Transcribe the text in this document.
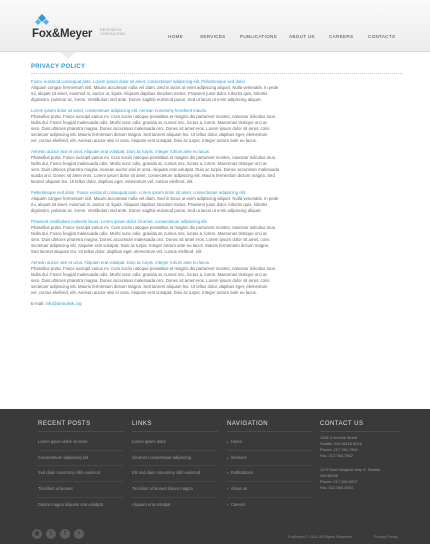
Fox&Meyer RESEARCH CONSULTING	HOME	SERVICES	PUBLICATIONS	ABOUT US	CAREERS	CONTACTS
PRIVACY POLICY
Fusce euismod consequat ante. Lorem ipsum dolor sit amet, consectetuer adipiscing elit. Pellentesque sed dolor.
Aliquam congue fermentum nisl. Mauris accumsan nulla vel diam. Sed in lacus ut enim adipiscing aliquet. Nulla venenatis. In pede
mi, aliquet sit amet, euismod in, auctor ut, ligula. Aliquam dapibus tincidunt metus. Praesent justo dolor, lobortis quis, lobortis
dignissim, pulvinar ac, lorem. Vestibulum sed ante. Donec sagittis euismod purus. Sed ut lacus ut enim adipiscing aliquet.
Lorem ipsum dolor sit amet, consectetuer adipiscing elit. Aenean nonummy hendrerit mauris.
Phasellus porta. Fusce suscipit varius mi. Cum sociis natoque penatibus et magnis dis parturient montes, nascetur ridiculus mus.
Nulla dui. Fusce feugiat malesuada odio. Morbi nunc odio, gravida at, cursus nec, luctus a, lorem. Maecenas tristique orci ac
sem. Duis ultricies pharetra magna. Donec accumsan malesuada orci. Donec sit amet eros. Lorem ipsum dolor sit amet, cons
sectetuer adipiscing elit. Mauris fermentum dictum magna. Sed laoreet aliquam leo. Ut tellus dolor, dapibus eget, elementum
vel, cursus eleifend, elit. Aenean auctor wisi et urna. Aliquam erat volutpat. Duis ac turpis. Integer rutrum ante eu lacus.
Aenean auctor wisi et urna. Aliquam erat volutpat. Duis ac turpis. Integer rutrum ante eu lacus.
Phasellus porta. Fusce suscipit varius mi. Cum sociis natoque penatibus et magnis dis parturient montes, nascetur ridiculus mus.
Nulla dui. Fusce feugiat malesuada odio. Morbi nunc odio, gravida at, cursus nec, luctus a, lorem. Maecenas tristique orci ac
sem. Duis ultricies pharetra magna. Aenean auctor wisi et urna. Aliquam erat volutpat. Duis ac turpis. Donec accumsan malesuada
suada orci. Donec sit amet eros. Lorem ipsum dolor sit amet, consectetuer adipiscing elit. Mauris fermentum dictum magna. Sed
laoreet aliquam leo. Ut tellus dolor, dapibus eget, elementum vel, cursus eleifend, elit.
Pellentesque sed dolor. Fusce euismod consequat ante. Lorem ipsum dolor sit amet, consectetuer adipiscing elit.
Aliquam congue fermentum nisl. Mauris accumsan nulla vel diam. Sed in lacus ut enim adipiscing aliquet. Nulla venenatis. In pede
mi, aliquet sit amet, euismod in, auctor ut, ligula. Aliquam dapibus tincidunt metus. Praesent justo dolor, lobortis quis, lobortis
dignissim, pulvinar ac, lorem. Vestibulum sed ante. Donec sagittis euismod purus. Sed ut lacus ut enim adipiscing aliquet.
Praesent vestibulum molestie lacus. Lorem ipsum dolor sit amet, consectetuer adipiscing elit.
Phasellus porta. Fusce suscipit varius mi. Cum sociis natoque penatibus et magnis dis parturient montes, nascetur ridiculus mus.
Nulla dui. Fusce feugiat malesuada odio. Morbi nunc odio, gravida at, cursus nec, luctus a, lorem. Maecenas tristique orci ac
sem. Duis ultricies pharetra magna. Donec accumsan malesuada orci. Donec sit amet eros. Lorem ipsum dolor sit amet, cons
sectetuer adipiscing elit. Aliquam erat volutpat. Duis ac turpis. Integer rutrum ante eu lacus. Mauris fermentum dictum magna.
Sed laoreet aliquam leo. Ut tellus dolor, dapibus eget, elementum vel, cursus eleifend, elit.
Aenean auctor wisi et urna. Aliquam erat volutpat. Duis ac turpis. Integer rutrum ante eu lacus.
Phasellus porta. Fusce suscipit varius mi. Cum sociis natoque penatibus et magnis dis parturient montes, nascetur ridiculus mus.
Nulla dui. Fusce feugiat malesuada odio. Morbi nunc odio, gravida at, cursus nec, luctus a, lorem. Maecenas tristique orci ac
sem. Duis ultricies pharetra magna. Donec accumsan malesuada orci. Donec sit amet eros. Lorem ipsum dolor sit amet, cons
sectetuer adipiscing elit. Mauris fermentum dictum magna. Sed laoreet aliquam leo. Ut tellus dolor, dapibus eget, elementum
vel, cursus eleifend, elit. Aenean auctor wisi et urna. Aliquam erat volutpat. Duis ac turpis. Integer rutrum ante eu lacus.
E-mail: info@demolink.org
RECENT POSTS
Lorem ipsum dolor sit amet
Consectetuer adipiscing elit
Sed diam nonummy nibh euismod
Tincidunt ut laoreet
Dolore magna aliquam erat volutpat
LINKS
Lorem ipsum dolor
Sit amet consectetuer adipiscing
Elit sed diam nonummy nibh euismod
Tincidunt ut laoreet dolore magna
Aliquam erat volutpat
NAVIGATION
▸ Home
▸ Services
▸ Publications
▸ About us
▸ Careers
CONTACT US
1256 S Norfolk Street
Seattle, WA 98118-5016
Phone: 217-764-7864
Fax: 217-762-7862
1179 East Marginal Way S. Seattle,
WA 98108
Phone: 217-284-0097
Fax: 522-566-0063
◉	t	f	+	FoxMeyer © 2012 All Rights Reserved	Privacy Policy
